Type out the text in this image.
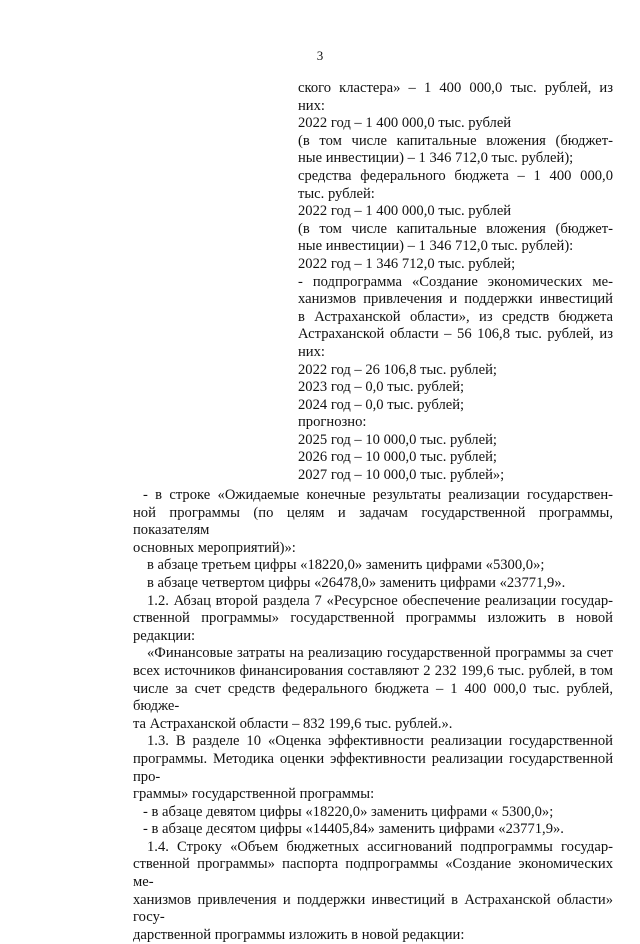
3
ского кластера» – 1 400 000,0 тыс. рублей, из
них:
2022 год – 1 400 000,0 тыс. рублей
(в том числе капитальные вложения (бюджет-
ные инвестиции) – 1 346 712,0 тыс. рублей);
средства федерального бюджета – 1 400 000,0
тыс. рублей:
2022 год – 1 400 000,0 тыс. рублей
(в том числе капитальные вложения (бюджет-
ные инвестиции) – 1 346 712,0 тыс. рублей):
2022 год – 1 346 712,0 тыс. рублей;
- подпрограмма «Создание экономических ме-
ханизмов привлечения и поддержки инвестиций
в Астраханской области», из средств бюджета
Астраханской области – 56 106,8 тыс. рублей, из
них:
2022 год – 26 106,8 тыс. рублей;
2023 год – 0,0 тыс. рублей;
2024 год – 0,0 тыс. рублей;
прогнозно:
2025 год – 10 000,0 тыс. рублей;
2026 год – 10 000,0 тыс. рублей;
2027 год – 10 000,0 тыс. рублей»;
- в строке «Ожидаемые конечные результаты реализации государствен-
ной программы (по целям и задачам государственной программы, показателям
основных мероприятий)»:
в абзаце третьем цифры «18220,0» заменить цифрами «5300,0»;
в абзаце четвертом цифры «26478,0» заменить цифрами «23771,9».
1.2. Абзац второй раздела 7 «Ресурсное обеспечение реализации государ-
ственной программы» государственной программы изложить в новой редакции:
«Финансовые затраты на реализацию государственной программы за счет
всех источников финансирования составляют 2 232 199,6 тыс. рублей, в том
числе за счет средств федерального бюджета – 1 400 000,0 тыс. рублей, бюдже-
та Астраханской области – 832 199,6 тыс. рублей.».
1.3. В разделе 10 «Оценка эффективности реализации государственной
программы. Методика оценки эффективности реализации государственной про-
граммы» государственной программы:
- в абзаце девятом цифры «18220,0» заменить цифрами « 5300,0»;
- в абзаце десятом цифры «14405,84» заменить цифрами «23771,9».
1.4. Строку «Объем бюджетных ассигнований подпрограммы государ-
ственной программы» паспорта подпрограммы «Создание экономических ме-
ханизмов привлечения и поддержки инвестиций в Астраханской области» госу-
дарственной программы изложить в новой редакции:
